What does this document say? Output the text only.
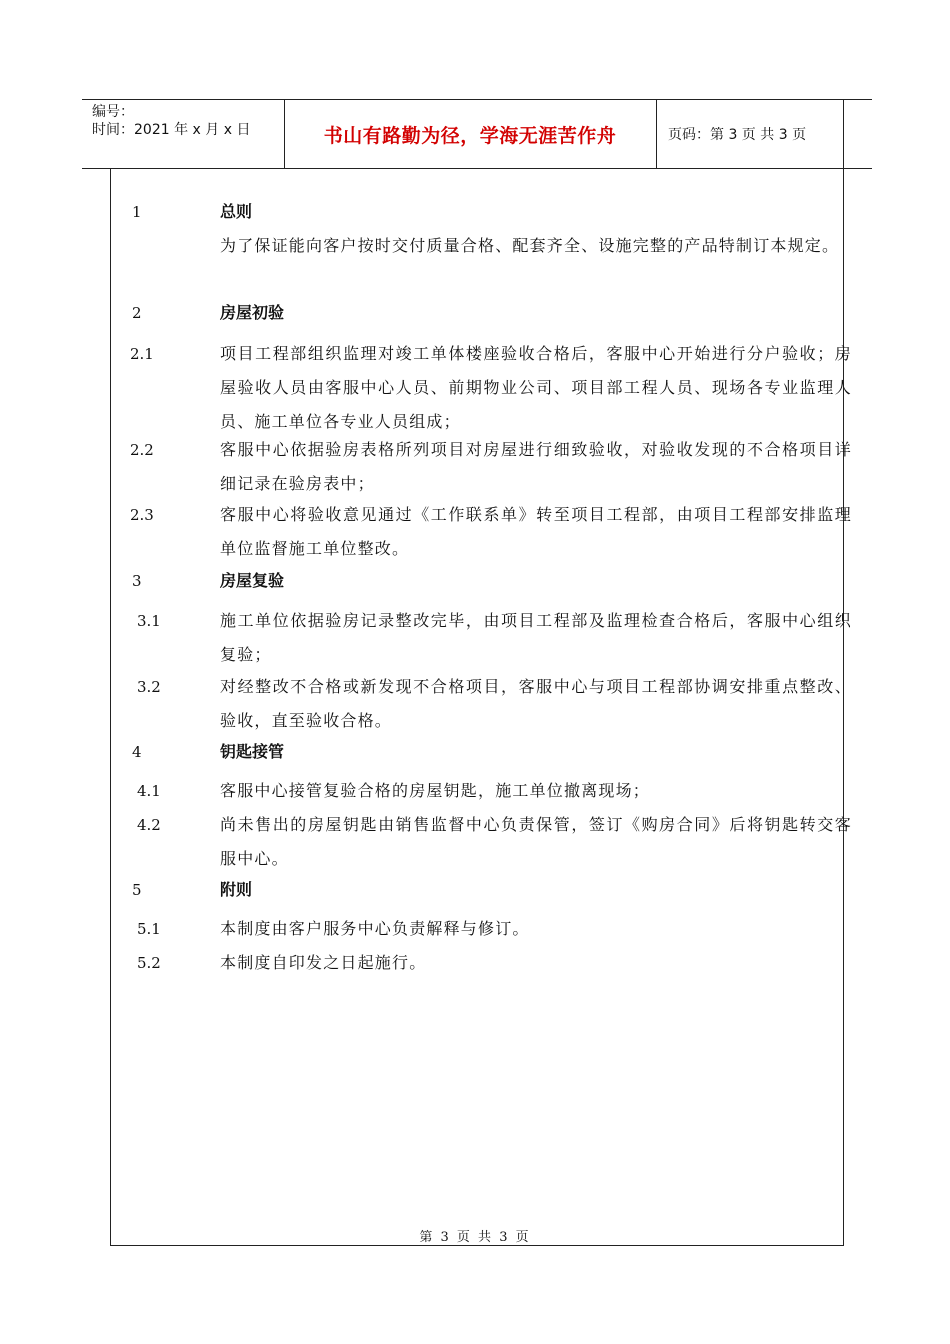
编号：
时间：2021 年 x 月 x 日	书山有路勤为径，学海无涯苦作舟	页码：第 3 页 共 3 页
1	总则
为了保证能向客户按时交付质量合格、配套齐全、设施完整的产品特制订本规定。
2	房屋初验
2.1	项目工程部组织监理对竣工单体楼座验收合格后，客服中心开始进行分户验收；房屋验收人员由客服中心人员、前期物业公司、项目部工程人员、现场各专业监理人员、施工单位各专业人员组成；
2.2	客服中心依据验房表格所列项目对房屋进行细致验收，对验收发现的不合格项目详细记录在验房表中；
2.3	客服中心将验收意见通过《工作联系单》转至项目工程部，由项目工程部安排监理单位监督施工单位整改。
3	房屋复验
3.1	施工单位依据验房记录整改完毕，由项目工程部及监理检查合格后，客服中心组织复验；
3.2	对经整改不合格或新发现不合格项目，客服中心与项目工程部协调安排重点整改、验收，直至验收合格。
4	钥匙接管
4.1	客服中心接管复验合格的房屋钥匙，施工单位撤离现场；
4.2	尚未售出的房屋钥匙由销售监督中心负责保管，签订《购房合同》后将钥匙转交客服中心。
5	附则
5.1	本制度由客户服务中心负责解释与修订。
5.2	本制度自印发之日起施行。
第 3 页 共 3 页
